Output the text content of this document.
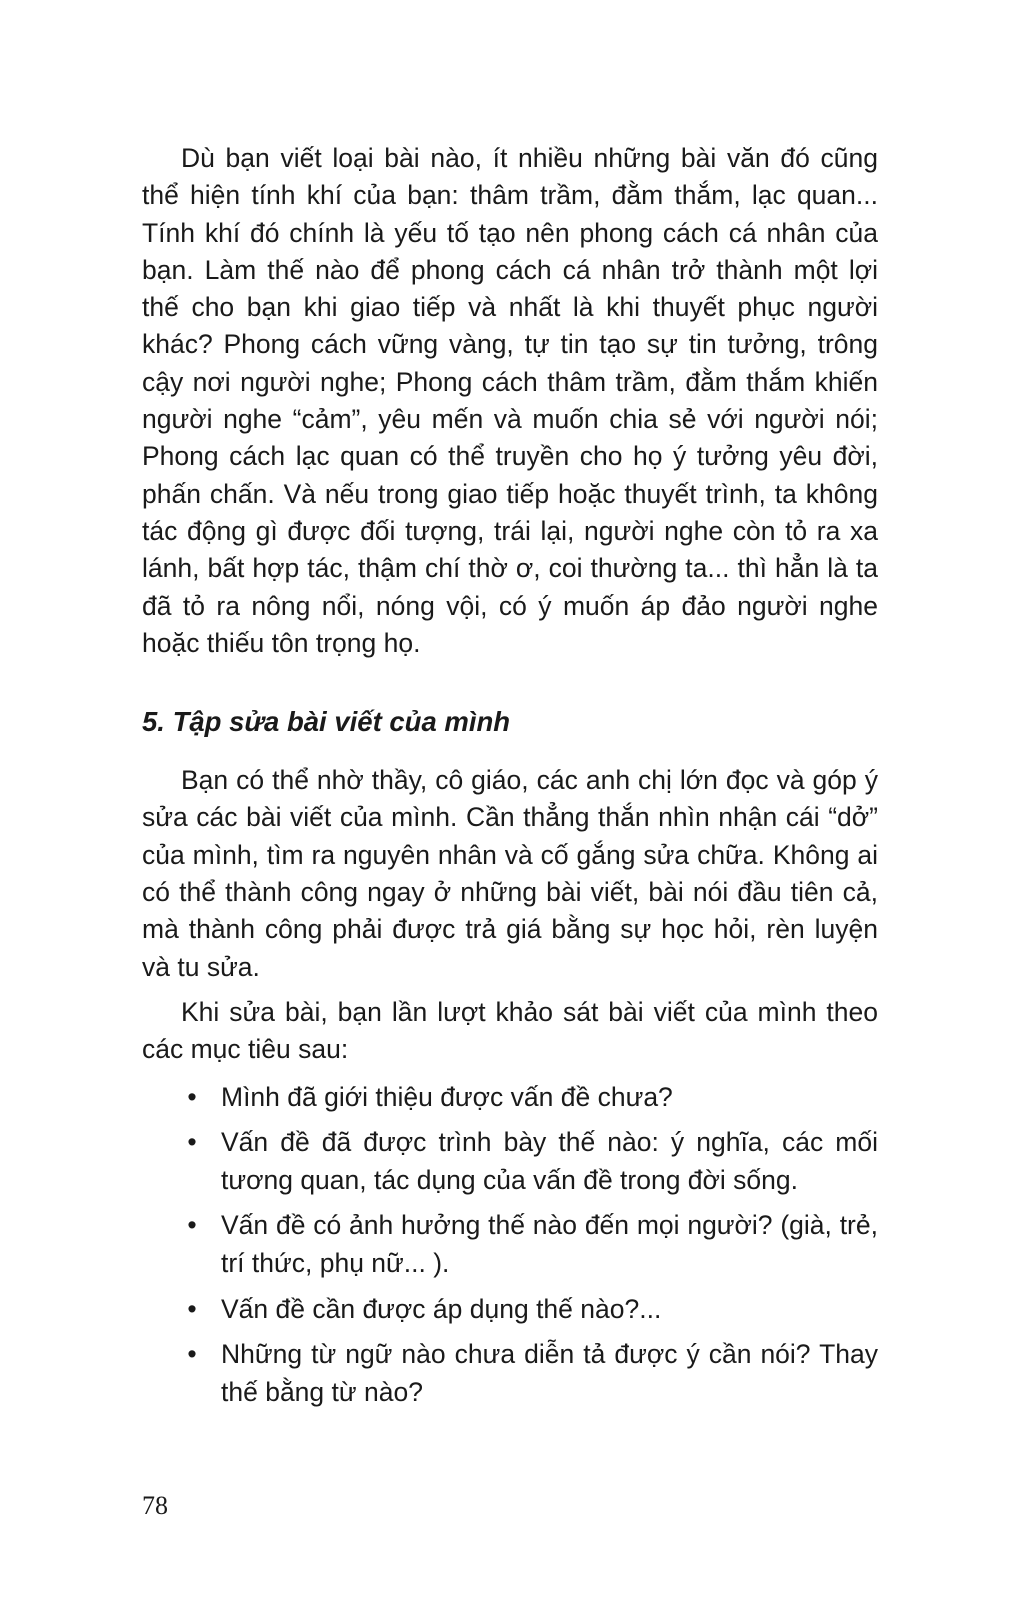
Dù bạn viết loại bài nào, ít nhiều những bài văn đó cũng thể hiện tính khí của bạn: thâm trầm, đằm thắm, lạc quan... Tính khí đó chính là yếu tố tạo nên phong cách cá nhân của bạn. Làm thế nào để phong cách cá nhân trở thành một lợi thế cho bạn khi giao tiếp và nhất là khi thuyết phục người khác? Phong cách vững vàng, tự tin tạo sự tin tưởng, trông cậy nơi người nghe; Phong cách thâm trầm, đằm thắm khiến người nghe “cảm”, yêu mến và muốn chia sẻ với người nói; Phong cách lạc quan có thể truyền cho họ ý tưởng yêu đời, phấn chấn. Và nếu trong giao tiếp hoặc thuyết trình, ta không tác động gì được đối tượng, trái lại, người nghe còn tỏ ra xa lánh, bất hợp tác, thậm chí thờ ơ, coi thường ta... thì hẳn là ta đã tỏ ra nông nổi, nóng vội, có ý muốn áp đảo người nghe hoặc thiếu tôn trọng họ.

5. Tập sửa bài viết của mình

Bạn có thể nhờ thầy, cô giáo, các anh chị lớn đọc và góp ý sửa các bài viết của mình. Cần thẳng thắn nhìn nhận cái “dở” của mình, tìm ra nguyên nhân và cố gắng sửa chữa. Không ai có thể thành công ngay ở những bài viết, bài nói đầu tiên cả, mà thành công phải được trả giá bằng sự học hỏi, rèn luyện và tu sửa.

Khi sửa bài, bạn lần lượt khảo sát bài viết của mình theo các mục tiêu sau:

• Mình đã giới thiệu được vấn đề chưa?
• Vấn đề đã được trình bày thế nào: ý nghĩa, các mối tương quan, tác dụng của vấn đề trong đời sống.
• Vấn đề có ảnh hưởng thế nào đến mọi người? (già, trẻ, trí thức, phụ nữ... ).
• Vấn đề cần được áp dụng thế nào?...
• Những từ ngữ nào chưa diễn tả được ý cần nói? Thay thế bằng từ nào?
78
